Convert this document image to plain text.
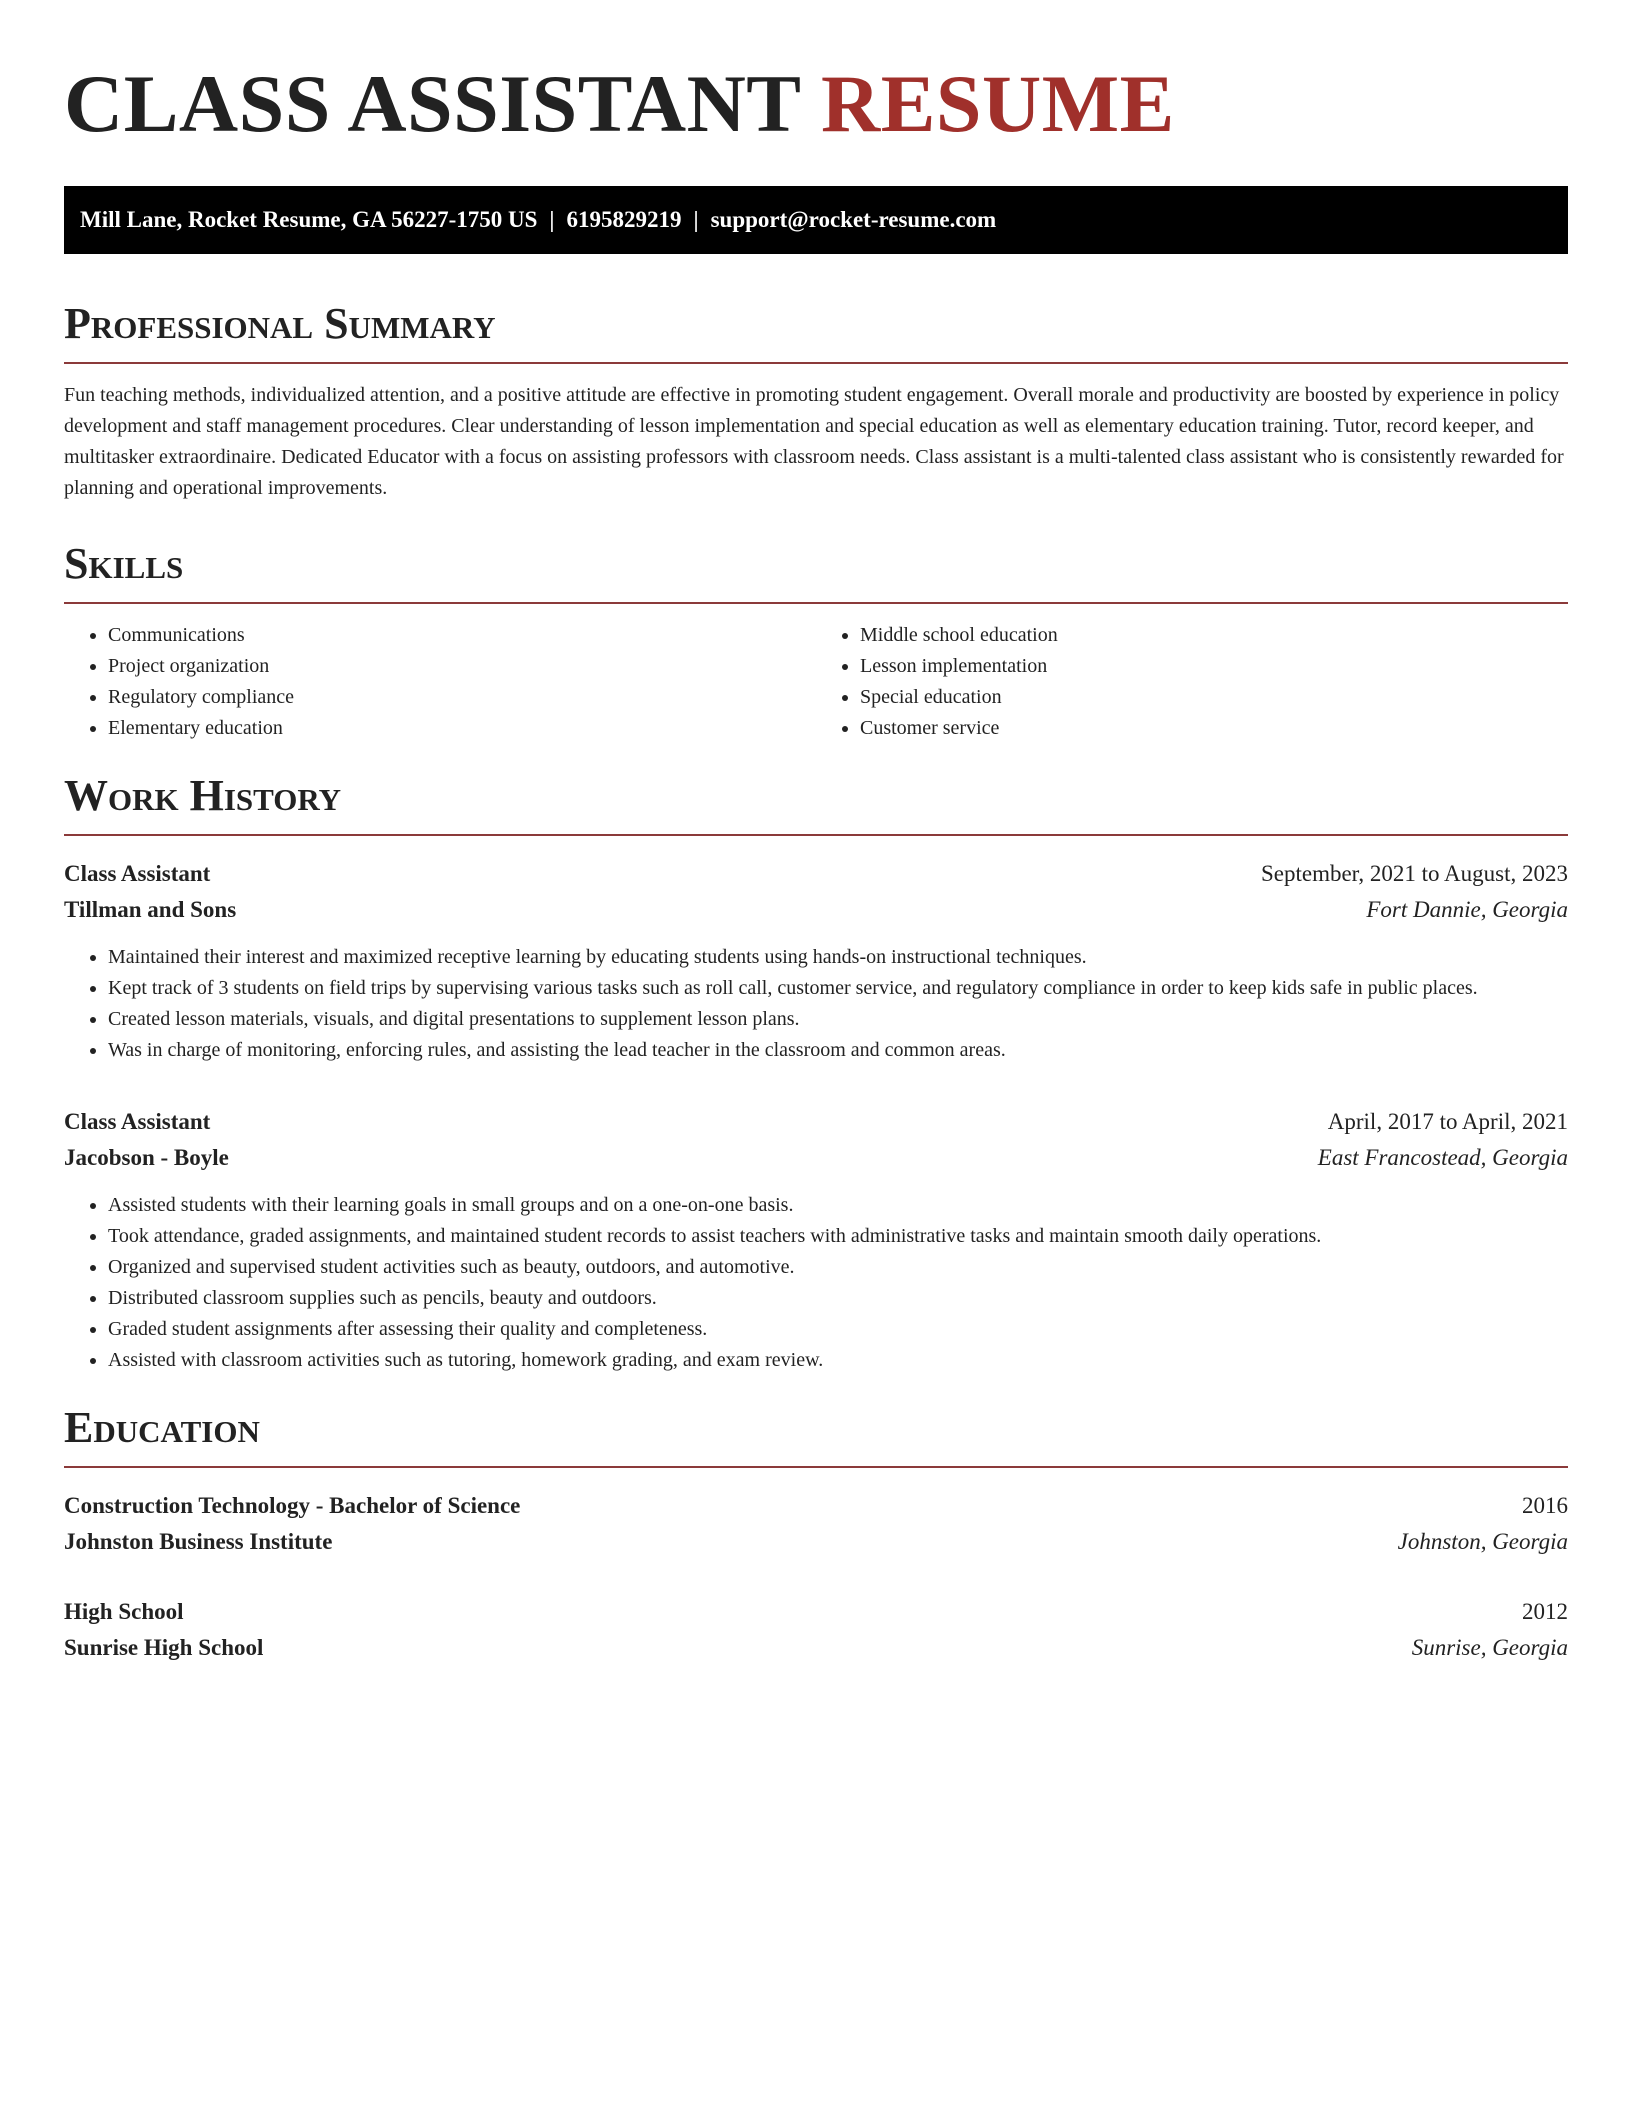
CLASS ASSISTANT RESUME
Mill Lane, Rocket Resume, GA 56227-1750 US | 6195829219 | support@rocket-resume.com
Professional Summary

Fun teaching methods, individualized attention, and a positive attitude are effective in promoting student engagement. Overall morale and productivity are boosted by experience in policy development and staff management procedures. Clear understanding of lesson implementation and special education as well as elementary education training. Tutor, record keeper, and multitasker extraordinaire. Dedicated Educator with a focus on assisting professors with classroom needs. Class assistant is a multi-talented class assistant who is consistently rewarded for planning and operational improvements.

Skills
• Communications
• Project organization
• Regulatory compliance
• Elementary education
• Middle school education
• Lesson implementation
• Special education
• Customer service
Work History
Class Assistant	September, 2021 to August, 2023
Tillman and Sons	Fort Dannie, Georgia
• Maintained their interest and maximized receptive learning by educating students using hands-on instructional techniques.
• Kept track of 3 students on field trips by supervising various tasks such as roll call, customer service, and regulatory compliance in order to keep kids safe in public places.
• Created lesson materials, visuals, and digital presentations to supplement lesson plans.
• Was in charge of monitoring, enforcing rules, and assisting the lead teacher in the classroom and common areas.
Class Assistant	April, 2017 to April, 2021
Jacobson - Boyle	East Francostead, Georgia
• Assisted students with their learning goals in small groups and on a one-on-one basis.
• Took attendance, graded assignments, and maintained student records to assist teachers with administrative tasks and maintain smooth daily operations.
• Organized and supervised student activities such as beauty, outdoors, and automotive.
• Distributed classroom supplies such as pencils, beauty and outdoors.
• Graded student assignments after assessing their quality and completeness.
• Assisted with classroom activities such as tutoring, homework grading, and exam review.
Education
Construction Technology - Bachelor of Science	2016
Johnston Business Institute	Johnston, Georgia
High School	2012
Sunrise High School	Sunrise, Georgia
